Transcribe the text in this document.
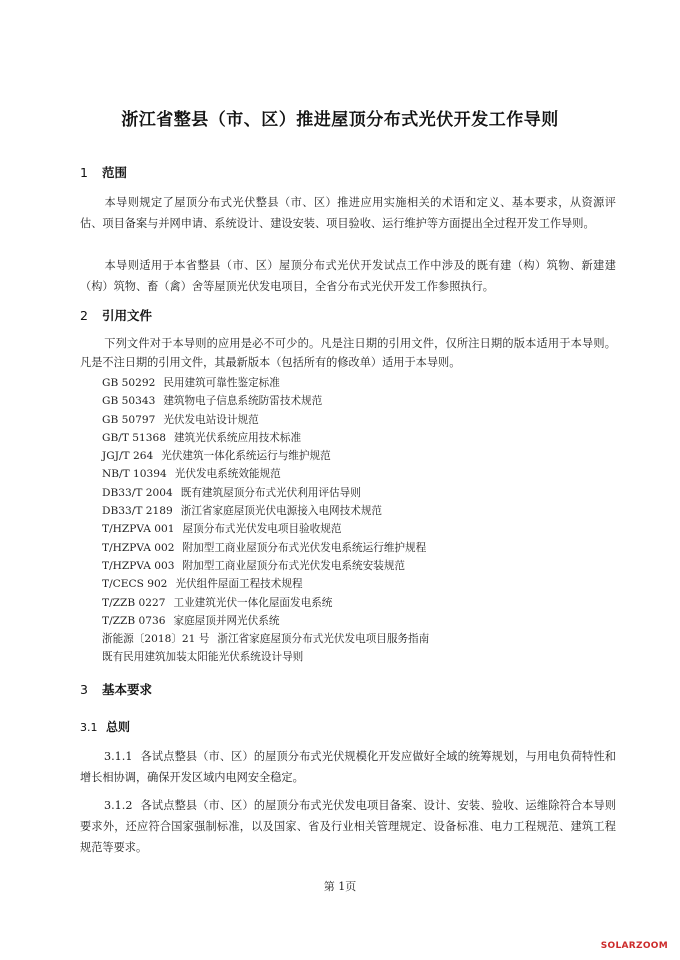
浙江省整县（市、区）推进屋顶分布式光伏开发工作导则
1 范围
本导则规定了屋顶分布式光伏整县（市、区）推进应用实施相关的术语和定义、基本要求，从资源评估、项目备案与并网申请、系统设计、建设安装、项目验收、运行维护等方面提出全过程开发工作导则。
本导则适用于本省整县（市、区）屋顶分布式光伏开发试点工作中涉及的既有建（构）筑物、新建建（构）筑物、畜（禽）舍等屋顶光伏发电项目，全省分布式光伏开发工作参照执行。
2 引用文件
下列文件对于本导则的应用是必不可少的。凡是注日期的引用文件，仅所注日期的版本适用于本导则。凡是不注日期的引用文件，其最新版本（包括所有的修改单）适用于本导则。
GB 50292 民用建筑可靠性鉴定标准
GB 50343 建筑物电子信息系统防雷技术规范
GB 50797 光伏发电站设计规范
GB/T 51368 建筑光伏系统应用技术标准
JGJ/T 264 光伏建筑一体化系统运行与维护规范
NB/T 10394 光伏发电系统效能规范
DB33/T 2004 既有建筑屋顶分布式光伏利用评估导则
DB33/T 2189 浙江省家庭屋顶光伏电源接入电网技术规范
T/HZPVA 001 屋顶分布式光伏发电项目验收规范
T/HZPVA 002 附加型工商业屋顶分布式光伏发电系统运行维护规程
T/HZPVA 003 附加型工商业屋顶分布式光伏发电系统安装规范
T/CECS 902 光伏组件屋面工程技术规程
T/ZZB 0227 工业建筑光伏一体化屋面发电系统
T/ZZB 0736 家庭屋顶并网光伏系统
浙能源〔2018〕21 号 浙江省家庭屋顶分布式光伏发电项目服务指南
既有民用建筑加装太阳能光伏系统设计导则
3 基本要求
3.1 总则
3.1.1 各试点整县（市、区）的屋顶分布式光伏规模化开发应做好全域的统筹规划，与用电负荷特性和增长相协调，确保开发区域内电网安全稳定。
3.1.2 各试点整县（市、区）的屋顶分布式光伏发电项目备案、设计、安装、验收、运维除符合本导则要求外，还应符合国家强制标准，以及国家、省及行业相关管理规定、设备标准、电力工程规范、建筑工程规范等要求。
第 1页
SOLARZOOM
